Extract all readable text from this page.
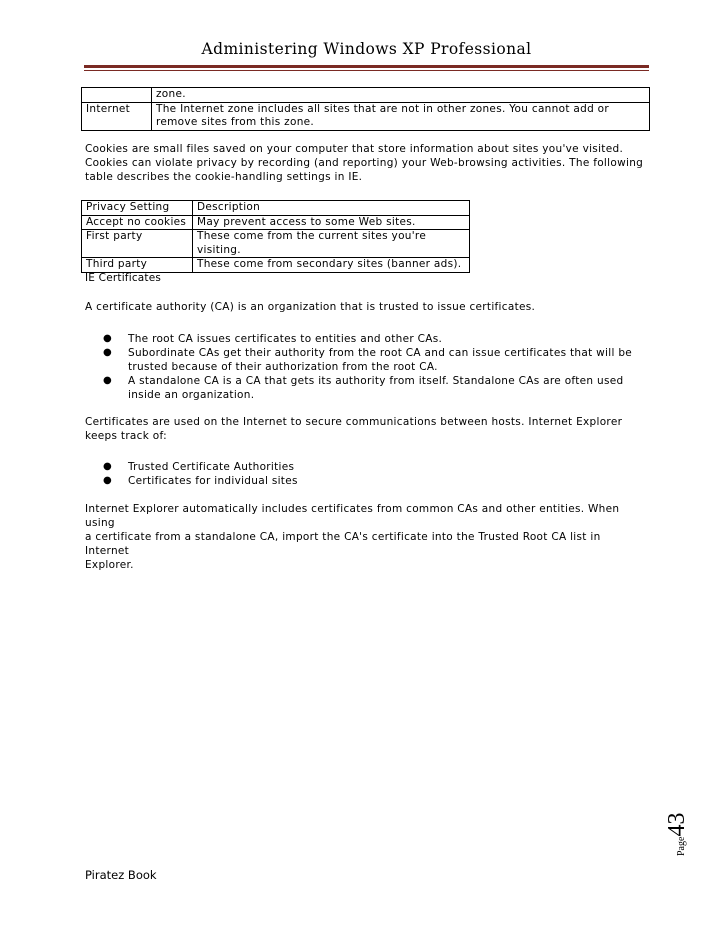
Administering Windows XP Professional

	zone.

Internet	The Internet zone includes all sites that are not in other zones. You cannot add or
remove sites from this zone.
Cookies are small files saved on your computer that store information about sites you've visited.
Cookies can violate privacy by recording (and reporting) your Web-browsing activities. The following
table describes the cookie-handling settings in IE.
Privacy Setting	Description
Accept no cookies	May prevent access to some Web sites.
First party	These come from the current sites you're visiting.
Third party	These come from secondary sites (banner ads).
IE Certificates
A certificate authority (CA) is an organization that is trusted to issue certificates.
● The root CA issues certificates to entities and other CAs.
● Subordinate CAs get their authority from the root CA and can issue certificates that will be
trusted because of their authorization from the root CA.
● A standalone CA is a CA that gets its authority from itself. Standalone CAs are often used
inside an organization.
Certificates are used on the Internet to secure communications between hosts. Internet Explorer
keeps track of:
● Trusted Certificate Authorities
● Certificates for individual sites
Internet Explorer automatically includes certificates from common CAs and other entities. When using
a certificate from a standalone CA, import the CA's certificate into the Trusted Root CA list in Internet
Explorer.
Page43
Piratez Book
